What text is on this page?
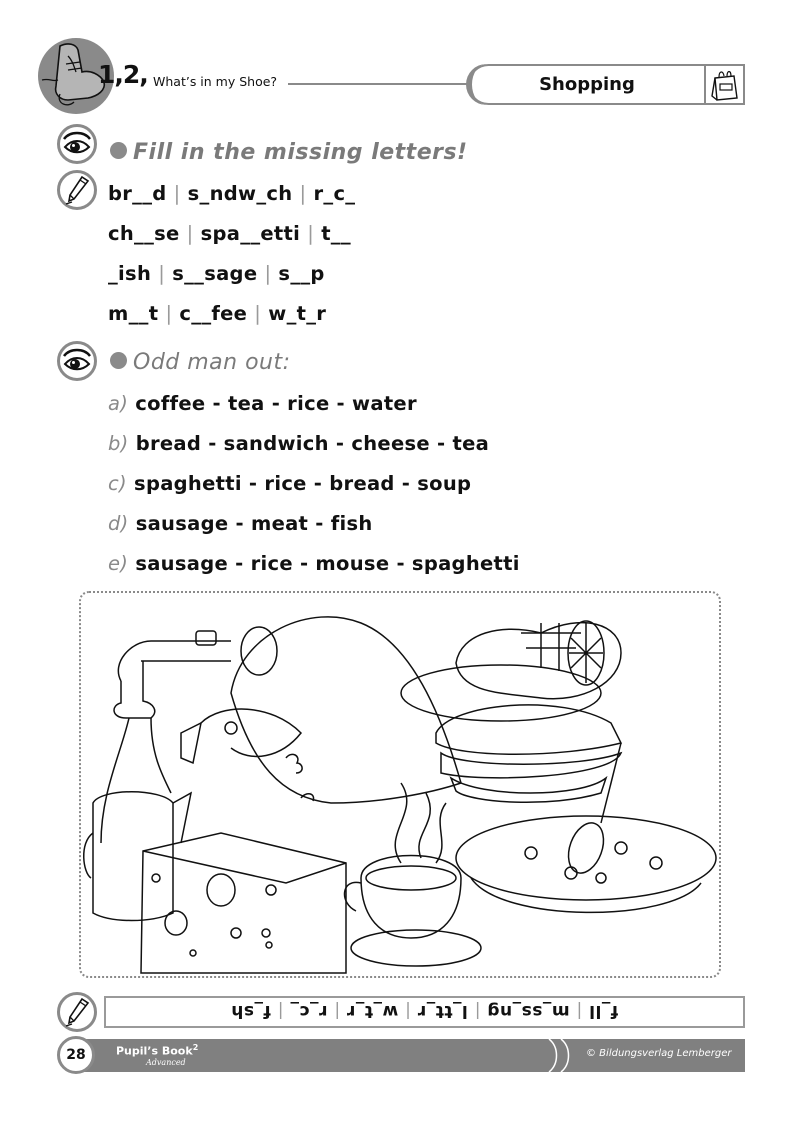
1,2, What’s in my Shoe?	Shopping
Fill in the missing letters!
br__d | s_ndw_ch | r_c_
ch__se | spa__etti | t__
_ish | s__sage | s__p
m__t | c__fee | w_t_r
Odd man out:
a) coffee - tea - rice - water
b) bread - sandwich - cheese - tea
c) spaghetti - rice - bread - soup
d) sausage - meat - fish
e) sausage - rice - mouse - spaghetti
f_ll | m_ss_ng | l_tt_r | w_t_r | r_c_ | f_sh
28	Pupil’s Book$^2$
Advanced
© Bildungsverlag Lemberger
